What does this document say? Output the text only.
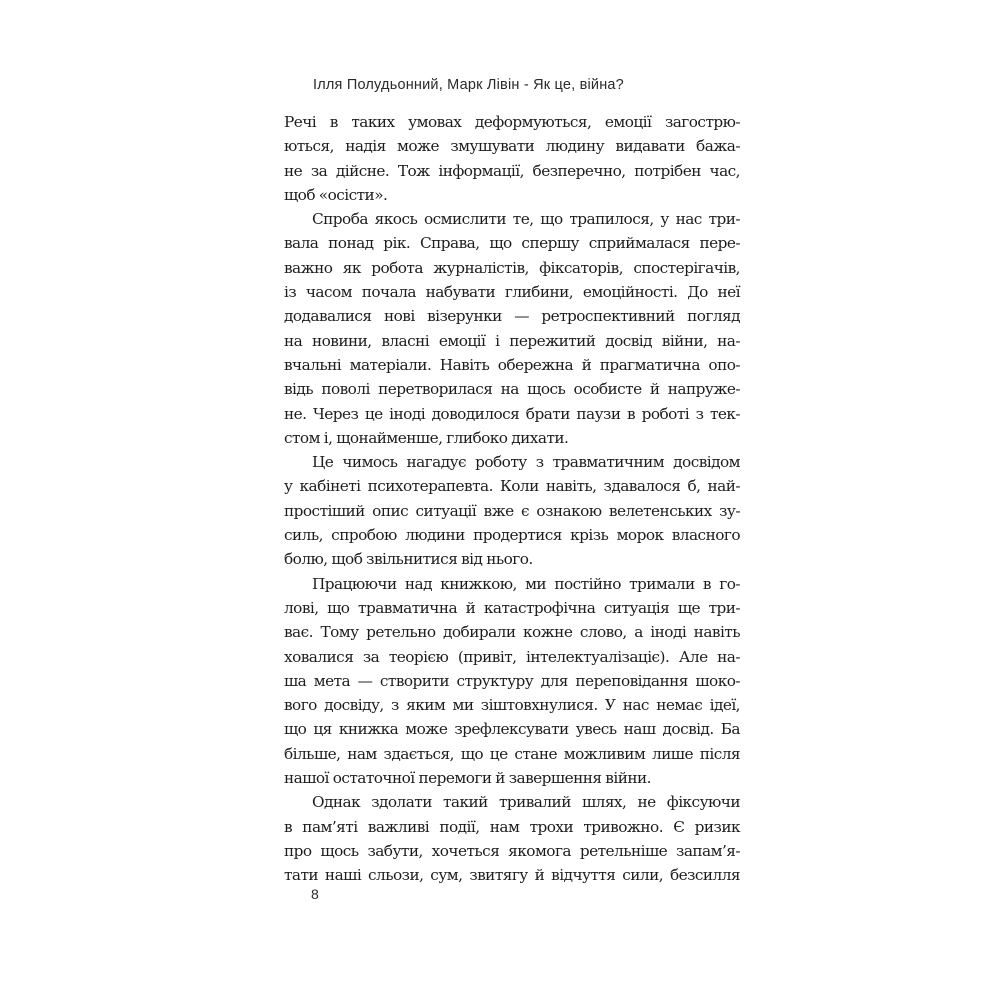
Ілля Полудьонний, Марк Лівін - Як це, війна?
Речі в таких умовах деформуються, емоції загострю-
ються, надія може змушувати людину видавати бажа-
не за дійсне. Тож інформації, безперечно, потрібен час,
щоб «осісти».
Спроба якось осмислити те, що трапилося, у нас три-
вала понад рік. Справа, що спершу сприймалася пере-
важно як робота журналістів, фіксаторів, спостерігачів,
із часом почала набувати глибини, емоційності. До неї
додавалися нові візерунки — ретроспективний погляд
на новини, власні емоції і пережитий досвід війни, на-
вчальні матеріали. Навіть обережна й прагматична опо-
відь поволі перетворилася на щось особисте й напруже-
не. Через це іноді доводилося брати паузи в роботі з тек-
стом і, щонайменше, глибоко дихати.
Це чимось нагадує роботу з травматичним досвідом
у кабінеті психотерапевта. Коли навіть, здавалося б, най-
простіший опис ситуації вже є ознакою велетенських зу-
силь, спробою людини продертися крізь морок власного
болю, щоб звільнитися від нього.
Працюючи над книжкою, ми постійно тримали в го-
лові, що травматична й катастрофічна ситуація ще три-
ває. Тому ретельно добирали кожне слово, а іноді навіть
ховалися за теорією (привіт, інтелектуалізаціє). Але на-
ша мета — створити структуру для переповідання шоко-
вого досвіду, з яким ми зіштовхнулися. У нас немає ідеї,
що ця книжка може зрефлексувати увесь наш досвід. Ба
більше, нам здається, що це стане можливим лише після
нашої остаточної перемоги й завершення війни.
Однак здолати такий тривалий шлях, не фіксуючи
в пам’яті важливі події, нам трохи тривожно. Є ризик
про щось забути, хочеться якомога ретельніше запам’я-
тати наші сльози, сум, звитягу й відчуття сили, безсилля
8
